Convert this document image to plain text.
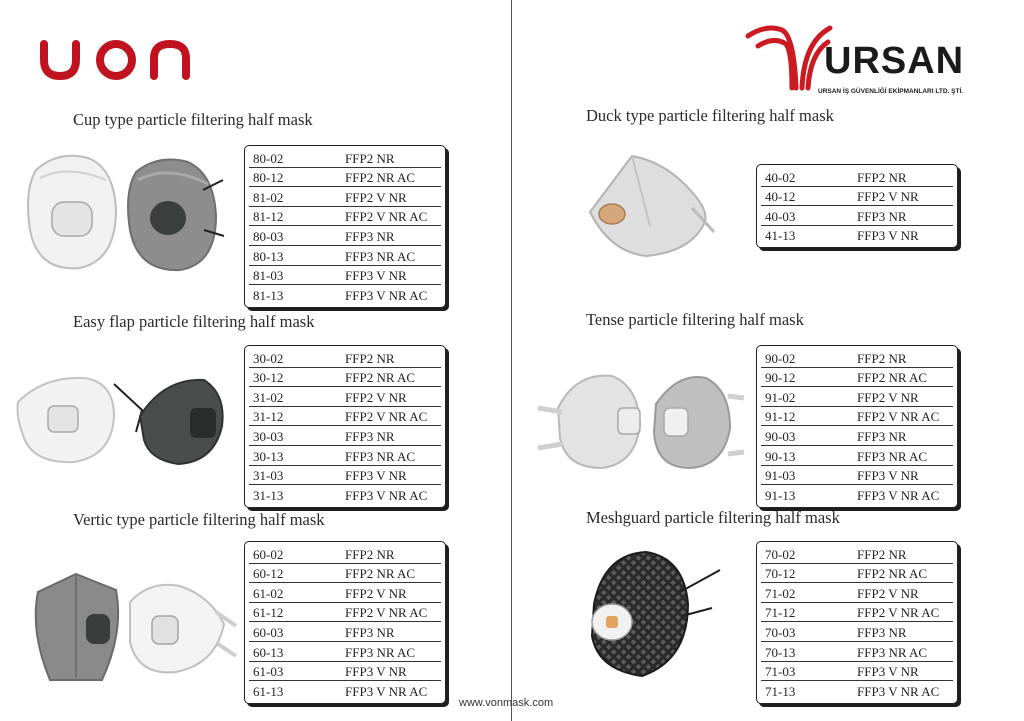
URSAN
URSAN İŞ GÜVENLİĞİ EKİPMANLARI LTD. ŞTİ.
Cup type particle filtering half mask
80-02	FFP2 NR
80-12	FFP2 NR AC
81-02	FFP2 V NR
81-12	FFP2 V NR AC
80-03	FFP3 NR
80-13	FFP3 NR AC
81-03	FFP3 V NR
81-13	FFP3 V NR AC
Easy flap particle filtering half mask
30-02	FFP2 NR
30-12	FFP2 NR AC
31-02	FFP2 V NR
31-12	FFP2 V NR AC
30-03	FFP3 NR
30-13	FFP3 NR AC
31-03	FFP3 V NR
31-13	FFP3 V NR AC
Vertic type particle filtering half mask
60-02	FFP2 NR
60-12	FFP2 NR AC
61-02	FFP2 V NR
61-12	FFP2 V NR AC
60-03	FFP3 NR
60-13	FFP3 NR AC
61-03	FFP3 V NR
61-13	FFP3 V NR AC
Duck type particle filtering half mask
40-02	FFP2 NR
40-12	FFP2 V NR
40-03	FFP3 NR
41-13	FFP3 V NR
Tense particle filtering half mask
90-02	FFP2 NR
90-12	FFP2 NR AC
91-02	FFP2 V NR
91-12	FFP2 V NR AC
90-03	FFP3 NR
90-13	FFP3 NR AC
91-03	FFP3 V NR
91-13	FFP3 V NR AC
Meshguard particle filtering half mask
70-02	FFP2 NR
70-12	FFP2 NR AC
71-02	FFP2 V NR
71-12	FFP2 V NR AC
70-03	FFP3 NR
70-13	FFP3 NR AC
71-03	FFP3 V NR
71-13	FFP3 V NR AC
www.vonmask.com
